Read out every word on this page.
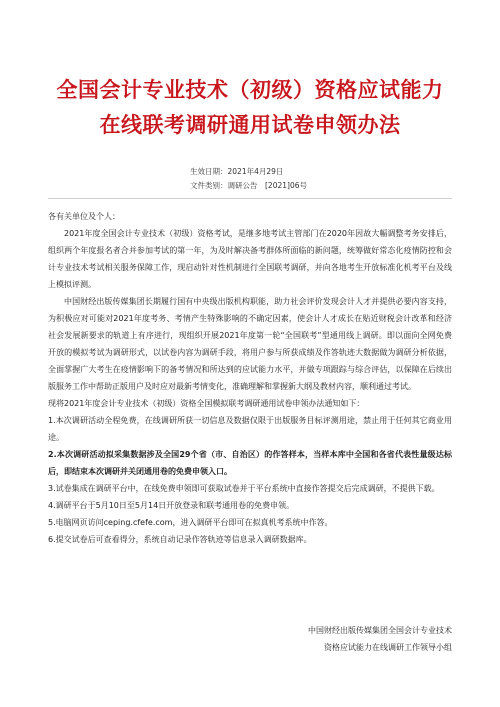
全国会计专业技术（初级）资格应试能力
在线联考调研通用试卷申领办法
生效日期：2021年4月29日
文件类别：调研公告　[2021]06号

各有关单位及个人：

2021年度全国会计专业技术（初级）资格考试，是继多地考试主管部门在2020年因故大幅调整考务安排后，组织两个年度报名者合并参加考试的第一年，为及时解决备考群体所面临的新问题，统筹做好常态化疫情防控和会计专业技术考试相关服务保障工作，现启动针对性机制进行全国联考调研，并向各地考生开放标准化机考平台及线上模拟评测。

中国财经出版传媒集团长期履行国有中央级出版机构职能，助力社会评价发现会计人才并提供必要内容支持，为积极应对可能对2021年度考务、考情产生特殊影响的不确定因素，使会计人才成长在贴近财税会计改革和经济社会发展新要求的轨道上有序进行，现组织开展2021年度第一轮“全国联考”型通用线上调研。即以面向全网免费开放的模拟考试为调研形式，以试卷内容为调研手段，将用户参与所获成绩及作答轨迹大数据做为调研分析依据，全面掌握广大考生在疫情影响下的备考情况和所达到的应试能力水平，并做专项跟踪与综合评估，以保障在后续出版服务工作中帮助正版用户及时应对最新考情变化，准确理解和掌握新大纲及教材内容，顺利通过考试。

现将2021年度会计专业技术（初级）资格全国模拟联考调研通用试卷申领办法通知如下：

1.本次调研活动全程免费，在线调研所获一切信息及数据仅限于出版服务目标评测用途，禁止用于任何其它商业用途。

2.本次调研活动拟采集数据涉及全国29个省（市、自治区）的作答样本，当样本库中全国和各省代表性量级达标后，即结束本次调研并关闭通用卷的免费申领入口。

3.试卷集成在调研平台中，在线免费申领即可获取试卷并于平台系统中直接作答提交后完成调研，不提供下载。

4.调研平台于5月10日至5月14日开放登录和联考通用卷的免费申领。

5.电脑网页访问ceping.cfefe.com，进入调研平台即可在拟真机考系统中作答。

6.提交试卷后可查看得分，系统自动记录作答轨迹等信息录入调研数据库。

中国财经出版传媒集团全国会计专业技术
资格应试能力在线调研工作领导小组
